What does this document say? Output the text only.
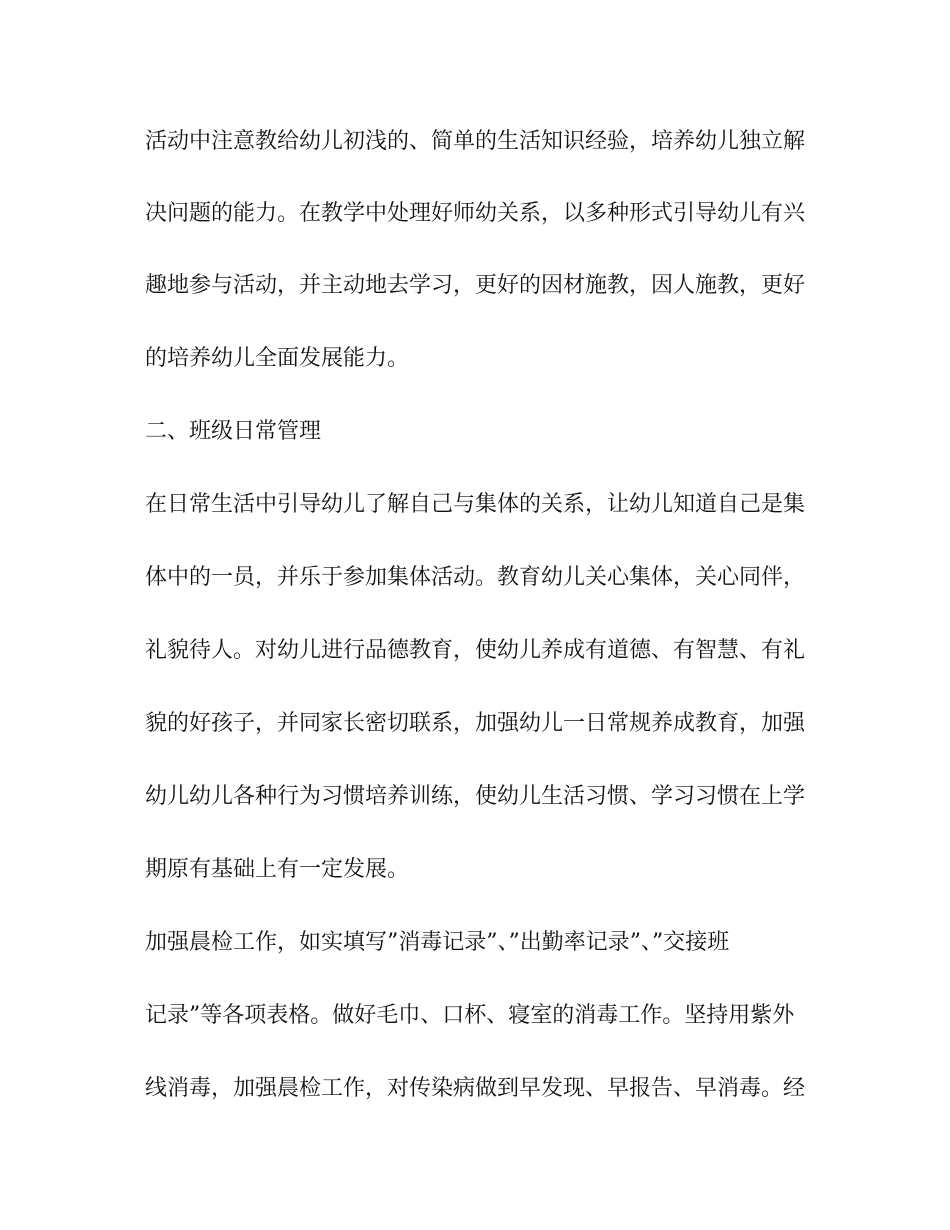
活动中注意教给幼儿初浅的、简单的生活知识经验，培养幼儿独立解
决问题的能力。在教学中处理好师幼关系，以多种形式引导幼儿有兴
趣地参与活动，并主动地去学习，更好的因材施教，因人施教，更好
的培养幼儿全面发展能力。
二、班级日常管理
在日常生活中引导幼儿了解自己与集体的关系，让幼儿知道自己是集
体中的一员，并乐于参加集体活动。教育幼儿关心集体，关心同伴，
礼貌待人。对幼儿进行品德教育，使幼儿养成有道德、有智慧、有礼
貌的好孩子，并同家长密切联系，加强幼儿一日常规养成教育，加强
幼儿幼儿各种行为习惯培养训练，使幼儿生活习惯、学习习惯在上学
期原有基础上有一定发展。
加强晨检工作，如实填写”消毒记录”、”出勤率记录”、”交接班
记录”等各项表格。做好毛巾、口杯、寝室的消毒工作。坚持用紫外
线消毒，加强晨检工作，对传染病做到早发现、早报告、早消毒。经
